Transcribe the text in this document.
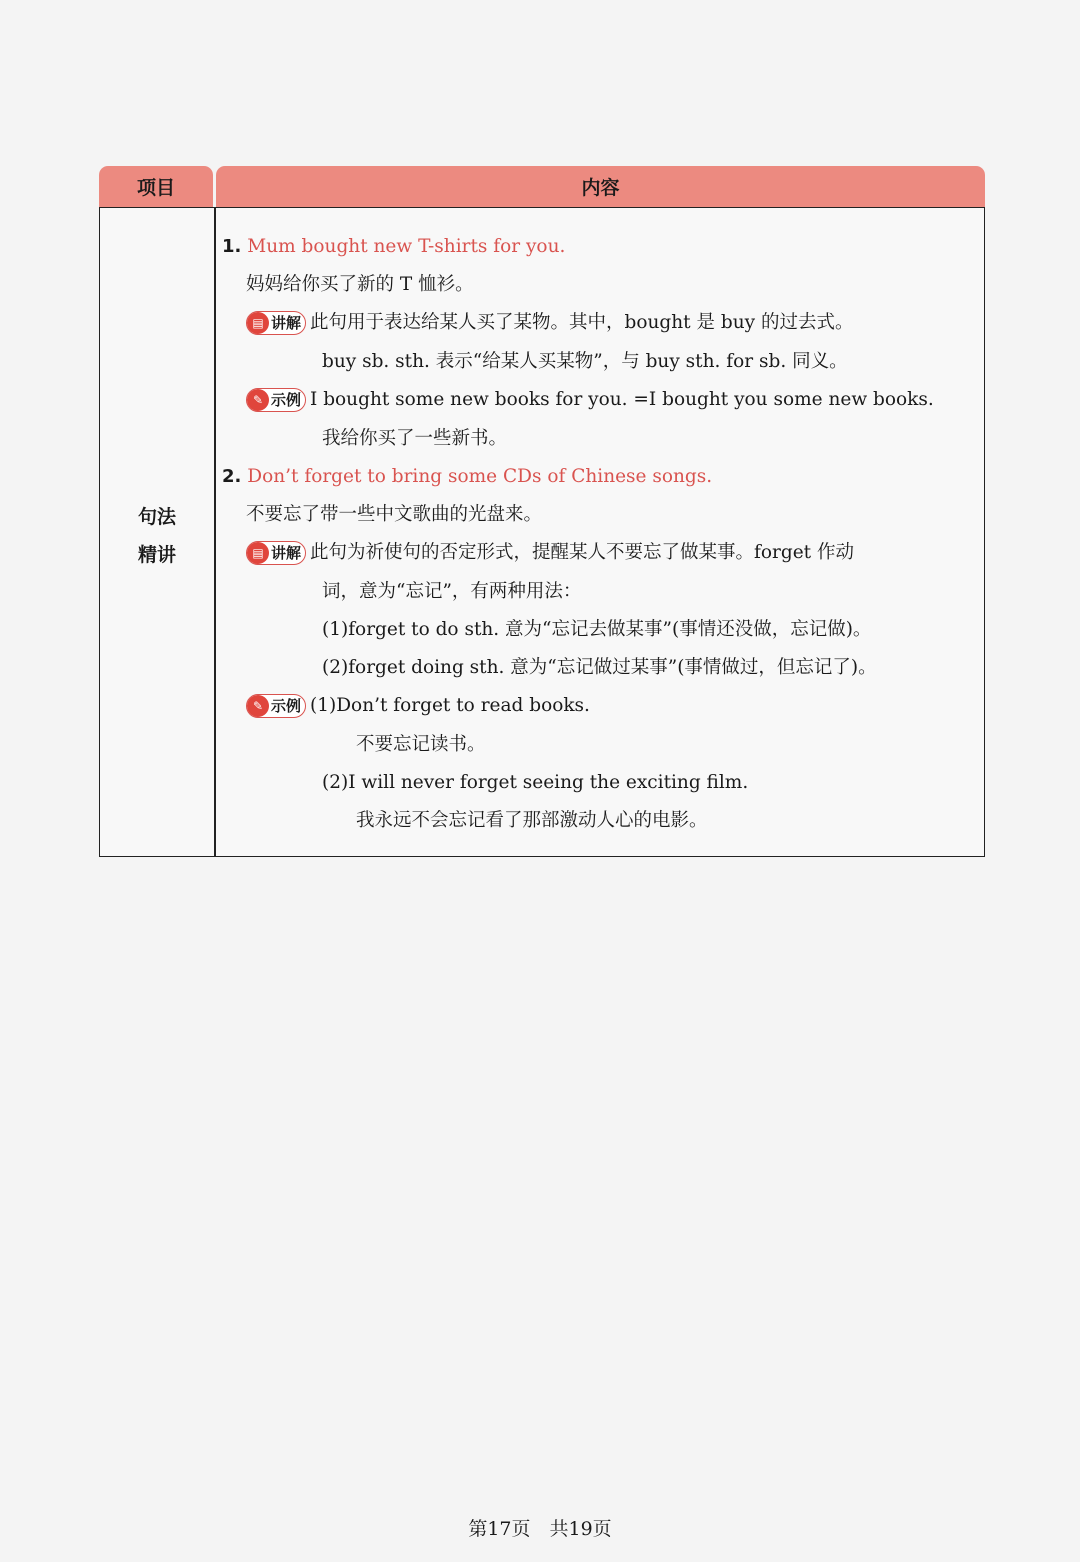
项目	内容
句法
精讲
1. Mum bought new T-shirts for you.
妈妈给你买了新的 T 恤衫。
▤ 讲解 此句用于表达给某人买了某物。其中，bought 是 buy 的过去式。
buy sb. sth. 表示“给某人买某物”，与 buy sth. for sb. 同义。
✎ 示例 I bought some new books for you. =I bought you some new books.
我给你买了一些新书。
2. Don’t forget to bring some CDs of Chinese songs.
不要忘了带一些中文歌曲的光盘来。
▤ 讲解 此句为祈使句的否定形式，提醒某人不要忘了做某事。forget 作动
词，意为“忘记”，有两种用法：
(1)forget to do sth. 意为“忘记去做某事”(事情还没做，忘记做)。
(2)forget doing sth. 意为“忘记做过某事”(事情做过，但忘记了)。
✎ 示例 (1)Don’t forget to read books.
不要忘记读书。
(2)I will never forget seeing the exciting film.
我永远不会忘记看了那部激动人心的电影。
第17页　共19页
